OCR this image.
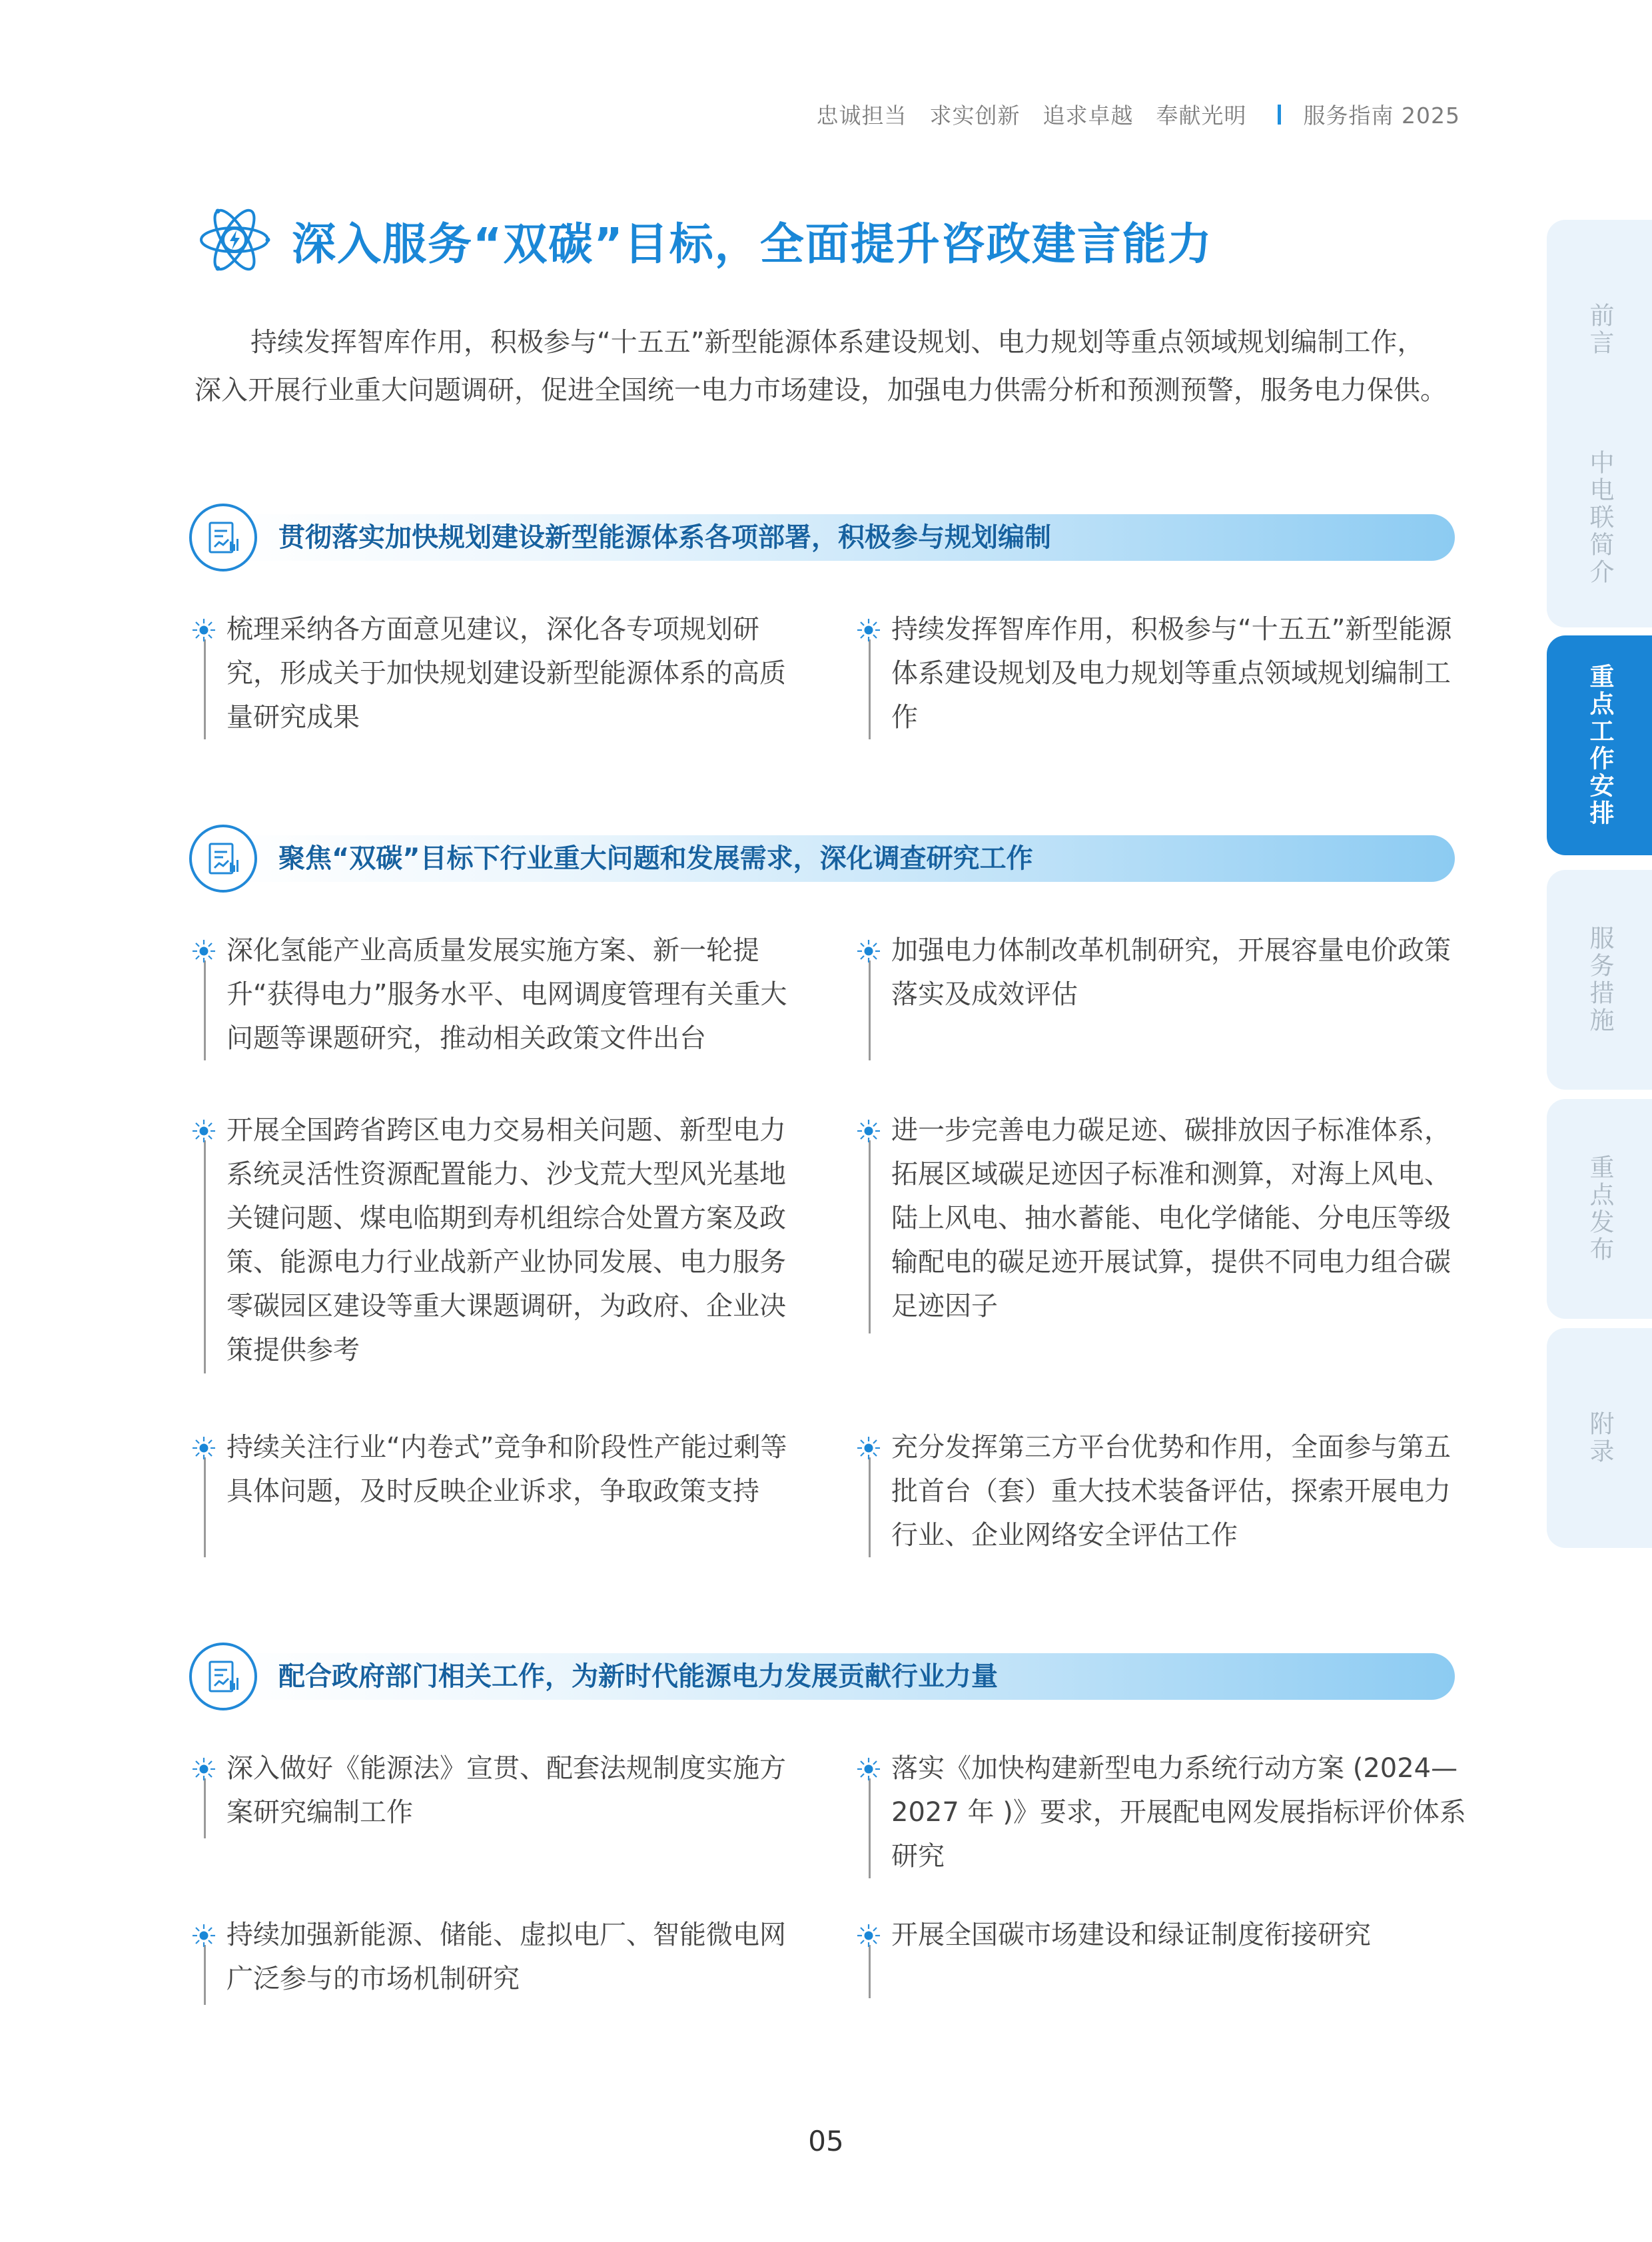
忠诚担当 求实创新 追求卓越 奉献光明	服务指南 2025
深入服务“双碳”目标，全面提升咨政建言能力

持续发挥智库作用，积极参与“十五五”新型能源体系建设规划、电力规划等重点领域规划编制工作，

深入开展行业重大问题调研，促进全国统一电力市场建设，加强电力供需分析和预测预警，服务电力保供。

贯彻落实加快规划建设新型能源体系各项部署，积极参与规划编制
梳理采纳各方面意见建议，深化各专项规划研究，形成关于加快规划建设新型能源体系的高质量研究成果
持续发挥智库作用，积极参与“十五五”新型能源体系建设规划及电力规划等重点领域规划编制工作
聚焦“双碳”目标下行业重大问题和发展需求，深化调查研究工作
深化氢能产业高质量发展实施方案、新一轮提升“获得电力”服务水平、电网调度管理有关重大问题等课题研究，推动相关政策文件出台
加强电力体制改革机制研究，开展容量电价政策落实及成效评估
开展全国跨省跨区电力交易相关问题、新型电力系统灵活性资源配置能力、沙戈荒大型风光基地关键问题、煤电临期到寿机组综合处置方案及政策、能源电力行业战新产业协同发展、电力服务零碳园区建设等重大课题调研，为政府、企业决策提供参考
进一步完善电力碳足迹、碳排放因子标准体系，拓展区域碳足迹因子标准和测算，对海上风电、陆上风电、抽水蓄能、电化学储能、分电压等级输配电的碳足迹开展试算，提供不同电力组合碳足迹因子
持续关注行业“内卷式”竞争和阶段性产能过剩等具体问题，及时反映企业诉求，争取政策支持
充分发挥第三方平台优势和作用，全面参与第五批首台（套）重大技术装备评估，探索开展电力行业、企业网络安全评估工作
配合政府部门相关工作，为新时代能源电力发展贡献行业力量
深入做好《能源法》宣贯、配套法规制度实施方案研究编制工作
落实《加快构建新型电力系统行动方案 (2024—2027 年 )》要求，开展配电网发展指标评价体系研究
持续加强新能源、储能、虚拟电厂、智能微电网广泛参与的市场机制研究
开展全国碳市场建设和绿证制度衔接研究
前言
中电联简介
重点工作安排
服务措施
重点发布
附录
05
